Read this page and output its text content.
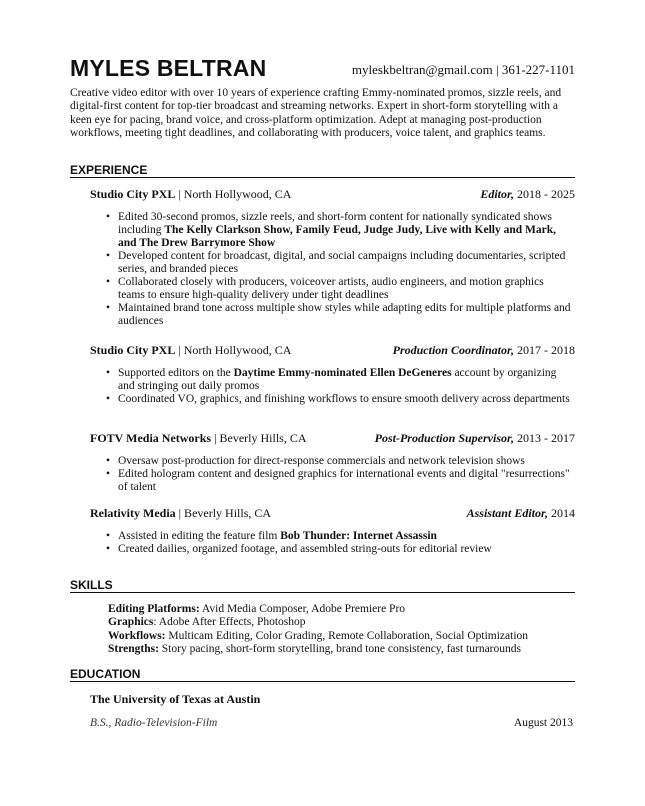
MYLES BELTRAN	myleskbeltran@gmail.com | 361-227-1101
Creative video editor with over 10 years of experience crafting Emmy-nominated promos, sizzle reels, and digital-first content for top-tier broadcast and streaming networks. Expert in short-form storytelling with a keen eye for pacing, brand voice, and cross-platform optimization. Adept at managing post-production workflows, meeting tight deadlines, and collaborating with producers, voice talent, and graphics teams.
EXPERIENCE
Studio City PXL | North Hollywood, CA	Editor, 2018 - 2025
• Edited 30-second promos, sizzle reels, and short-form content for nationally syndicated shows including The Kelly Clarkson Show, Family Feud, Judge Judy, Live with Kelly and Mark, and The Drew Barrymore Show
• Developed content for broadcast, digital, and social campaigns including documentaries, scripted series, and branded pieces
• Collaborated closely with producers, voiceover artists, audio engineers, and motion graphics teams to ensure high-quality delivery under tight deadlines
• Maintained brand tone across multiple show styles while adapting edits for multiple platforms and audiences
Studio City PXL | North Hollywood, CA	Production Coordinator, 2017 - 2018
• Supported editors on the Daytime Emmy-nominated Ellen DeGeneres account by organizing and stringing out daily promos
• Coordinated VO, graphics, and finishing workflows to ensure smooth delivery across departments
FOTV Media Networks | Beverly Hills, CA	Post-Production Supervisor, 2013 - 2017
• Oversaw post-production for direct-response commercials and network television shows
• Edited hologram content and designed graphics for international events and digital "resurrections" of talent
Relativity Media | Beverly Hills, CA	Assistant Editor, 2014
• Assisted in editing the feature film Bob Thunder: Internet Assassin
• Created dailies, organized footage, and assembled string-outs for editorial review
SKILLS
Editing Platforms: Avid Media Composer, Adobe Premiere Pro
Graphics: Adobe After Effects, Photoshop
Workflows: Multicam Editing, Color Grading, Remote Collaboration, Social Optimization
Strengths: Story pacing, short-form storytelling, brand tone consistency, fast turnarounds
EDUCATION
The University of Texas at Austin
B.S., Radio-Television-Film	August 2013
